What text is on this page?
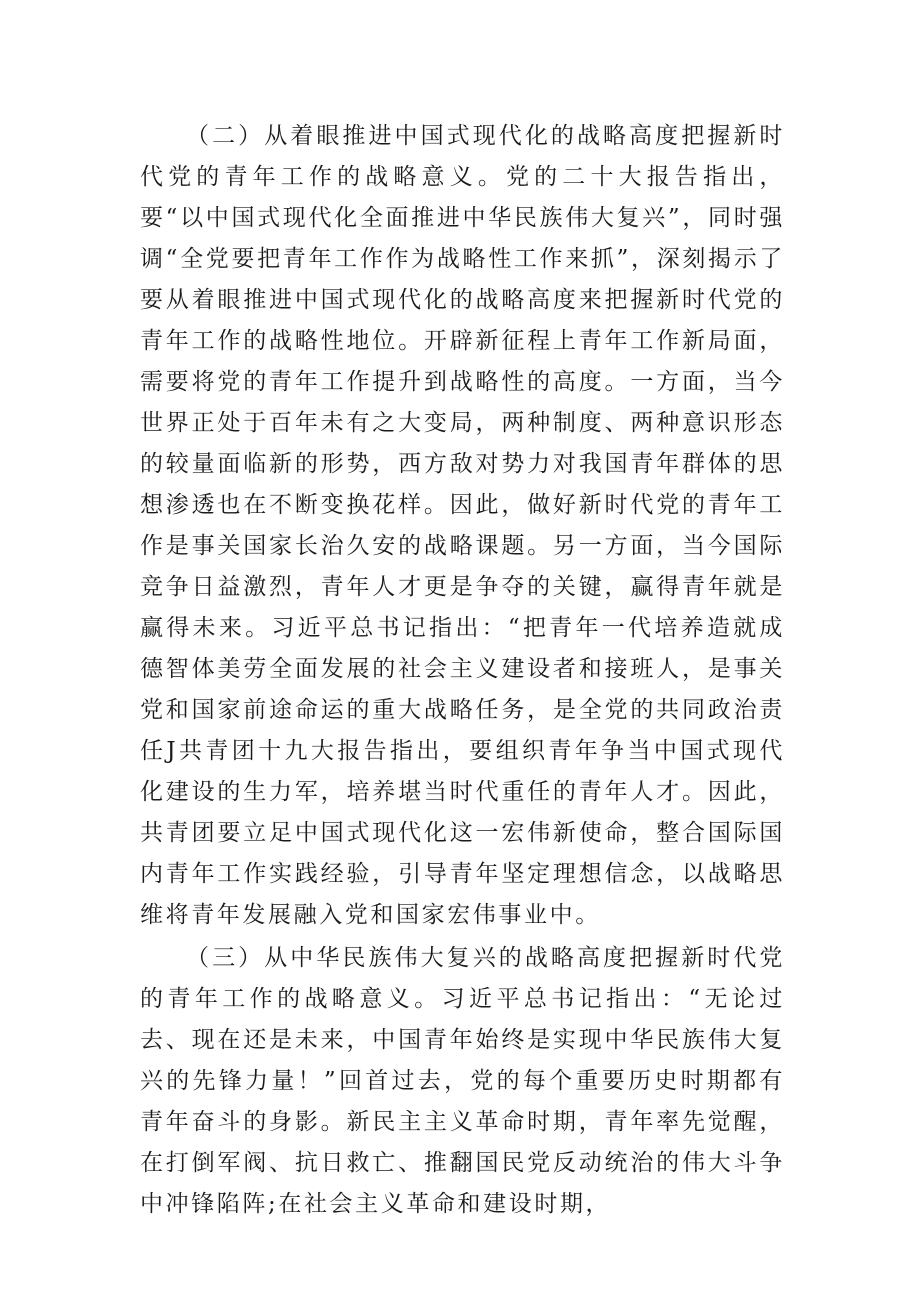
（二）从着眼推进中国式现代化的战略高度把握新时代党的青年工作的战略意义。党的二十大报告指出，要“以中国式现代化全面推进中华民族伟大复兴”，同时强调“全党要把青年工作作为战略性工作来抓”，深刻揭示了要从着眼推进中国式现代化的战略高度来把握新时代党的青年工作的战略性地位。开辟新征程上青年工作新局面，需要将党的青年工作提升到战略性的高度。一方面，当今世界正处于百年未有之大变局，两种制度、两种意识形态的较量面临新的形势，西方敌对势力对我国青年群体的思想渗透也在不断变换花样。因此，做好新时代党的青年工作是事关国家长治久安的战略课题。另一方面，当今国际竞争日益激烈，青年人才更是争夺的关键，赢得青年就是赢得未来。习近平总书记指出：“把青年一代培养造就成德智体美劳全面发展的社会主义建设者和接班人，是事关党和国家前途命运的重大战略任务，是全党的共同政治责任J共青团十九大报告指出，要组织青年争当中国式现代化建设的生力军，培养堪当时代重任的青年人才。因此，共青团要立足中国式现代化这一宏伟新使命，整合国际国内青年工作实践经验，引导青年坚定理想信念，以战略思维将青年发展融入党和国家宏伟事业中。

（三）从中华民族伟大复兴的战略高度把握新时代党的青年工作的战略意义。习近平总书记指出：“无论过去、现在还是未来，中国青年始终是实现中华民族伟大复兴的先锋力量！”回首过去，党的每个重要历史时期都有青年奋斗的身影。新民主主义革命时期，青年率先觉醒，在打倒军阀、抗日救亡、推翻国民党反动统治的伟大斗争中冲锋陷阵;在社会主义革命和建设时期，
